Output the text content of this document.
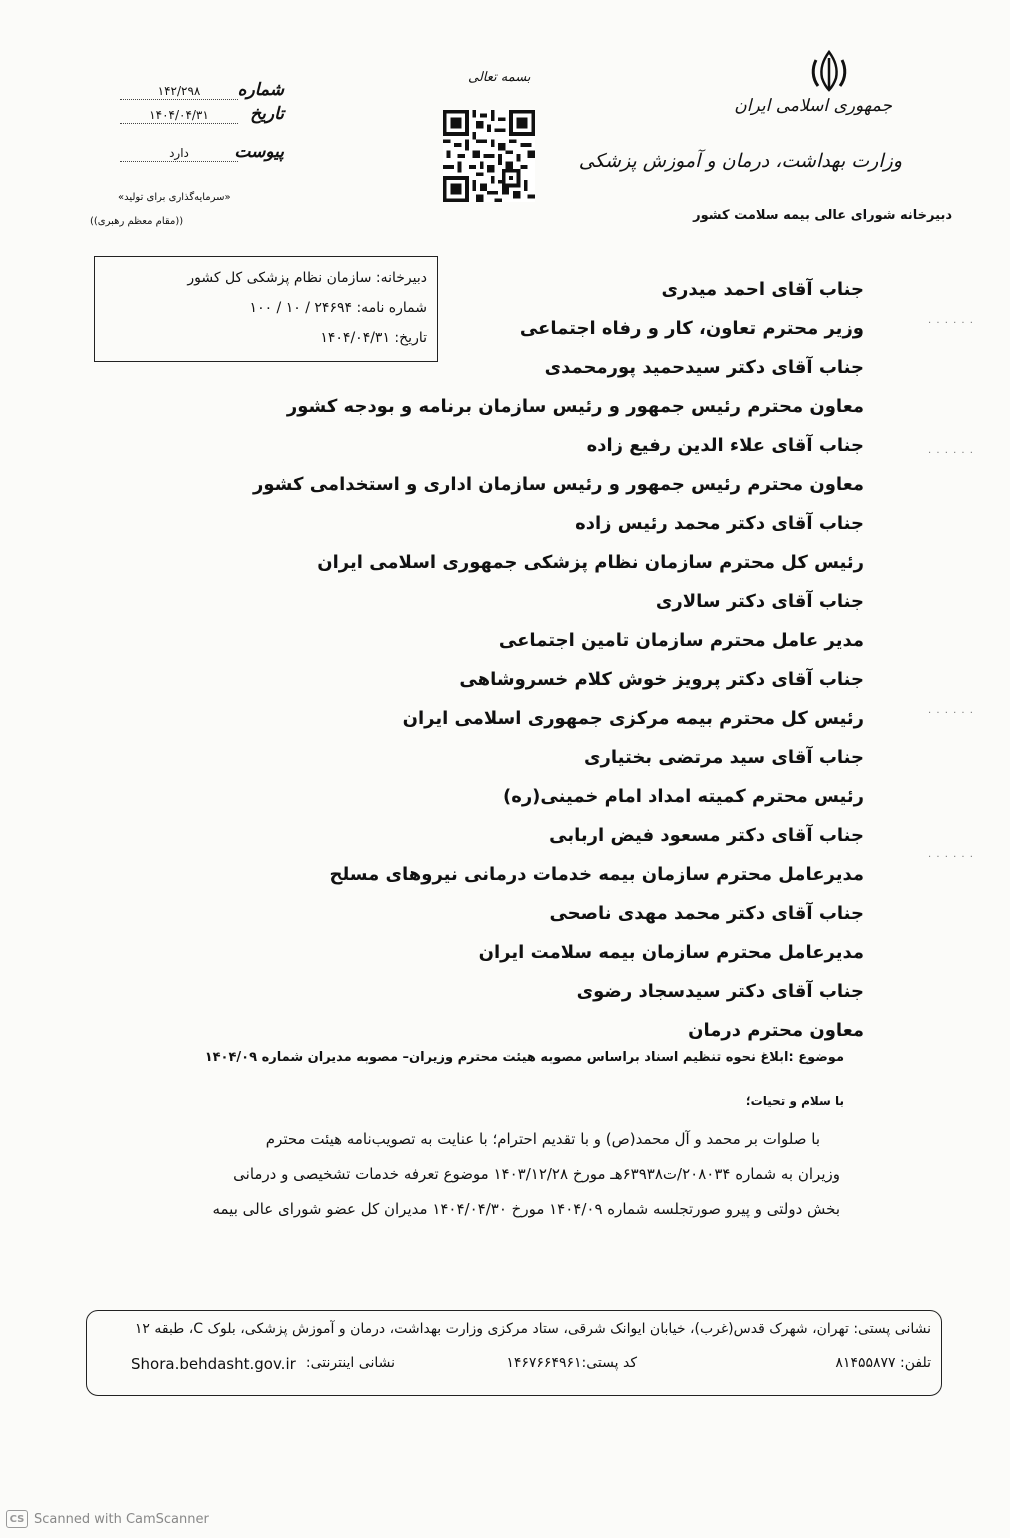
جمهوری اسلامی ایران
وزارت بهداشت، درمان و آموزش پزشکی
دبیرخانه شورای عالی بیمه سلامت کشور
بسمه تعالی
شماره
۱۴۲/۲۹۸
تاریخ
۱۴۰۴/۰۴/۳۱
پیوست
دارد
«سرمایه‌گذاری برای تولید»
((مقام معظم رهبری))
دبیرخانه: سازمان نظام پزشکی کل کشور
شماره نامه: ۲۴۶۹۴ / ۱۰ / ۱۰۰
تاریخ: ۱۴۰۴/۰۴/۳۱
جناب آقای احمد میدری
وزیر محترم تعاون، کار و رفاه اجتماعی
جناب آقای دکتر سیدحمید پورمحمدی
معاون محترم رئیس جمهور و رئیس سازمان برنامه و بودجه کشور
جناب آقای علاء الدین رفیع زاده
معاون محترم رئیس جمهور و رئیس سازمان اداری و استخدامی کشور
جناب آقای دکتر محمد رئیس زاده
رئیس کل محترم سازمان نظام پزشکی جمهوری اسلامی ایران
جناب آقای دکتر سالاری
مدیر عامل محترم سازمان تامین اجتماعی
جناب آقای دکتر پرویز خوش کلام خسروشاهی
رئیس کل محترم بیمه مرکزی جمهوری اسلامی ایران
جناب آقای سید مرتضی بختیاری
رئیس محترم کمیته امداد امام خمینی(ره)
جناب آقای دکتر مسعود فیض اربابی
مدیرعامل محترم سازمان بیمه خدمات درمانی نیروهای مسلح
جناب آقای دکتر محمد مهدی ناصحی
مدیرعامل محترم سازمان بیمه سلامت ایران
جناب آقای دکتر سیدسجاد رضوی
معاون محترم درمان
· · · · · ·
· · · · · ·
· · · · · ·
· · · · · ·
موضوع :ابلاغ نحوه تنظیم اسناد براساس مصوبه هیئت محترم وزیران– مصوبه مدیران شماره ۱۴۰۴/۰۹
با سلام و تحیات؛

با صلوات بر محمد و آل محمد(ص) و با تقدیم احترام؛ با عنایت به تصویب‌نامه هیئت محترم

وزیران به شماره ۲۰۸۰۳۴/ت۶۳۹۳۸هـ مورخ ۱۴۰۳/۱۲/۲۸ موضوع تعرفه خدمات تشخیصی و درمانی

بخش دولتی و پیرو صورتجلسه شماره ۱۴۰۴/۰۹ مورخ ۱۴۰۴/۰۴/۳۰ مدیران کل عضو شورای عالی بیمه

نشانی پستی: تهران، شهرک قدس(غرب)، خیابان ایوانک شرقی، ستاد مرکزی وزارت بهداشت، درمان و آموزش پزشکی، بلوک C، طبقه ۱۲
تلفن: ۸۱۴۵۵۸۷۷
کد پستی:۱۴۶۷۶۶۴۹۶۱
نشانی اینترنتی:
Shora.behdasht.gov.ir
CS Scanned with CamScanner
